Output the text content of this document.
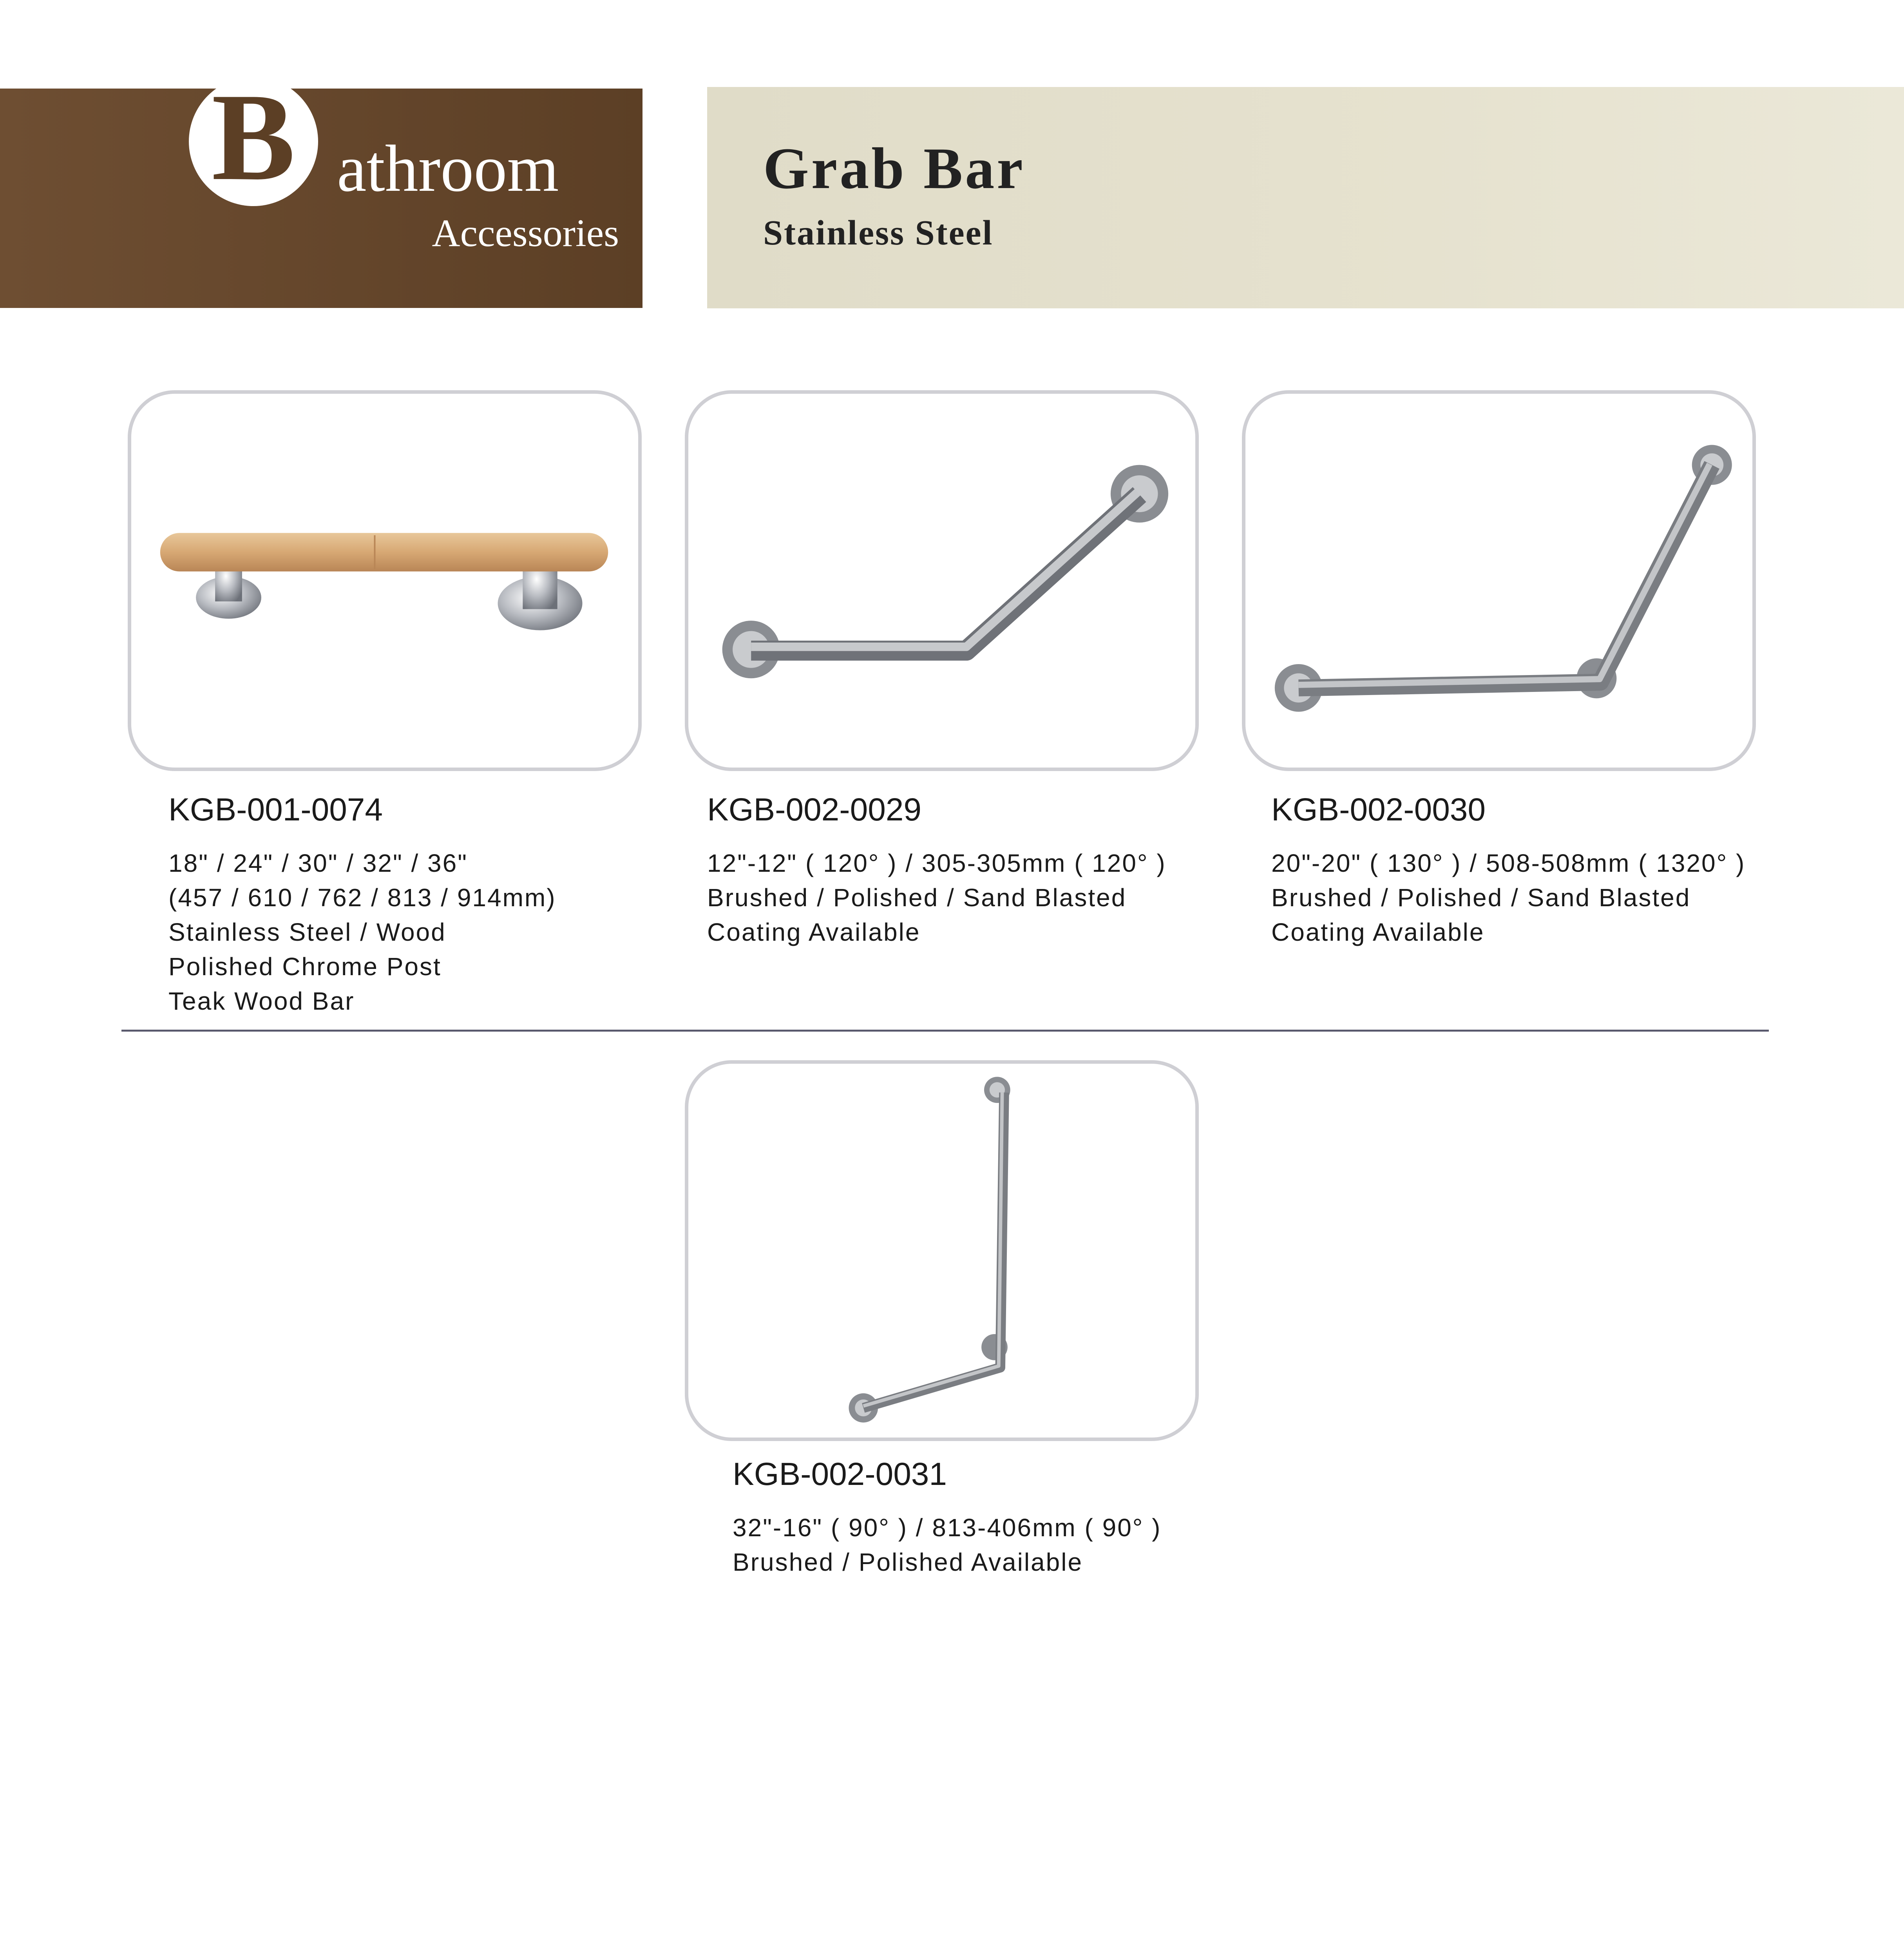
B athroom
Accessories
Grab Bar
Stainless Steel
KGB-001-0074
18" / 24" / 30" / 32" / 36"
(457 / 610 / 762 / 813 / 914mm)
Stainless Steel / Wood
Polished Chrome Post
Teak Wood Bar
KGB-002-0029
12"-12" ( 120° ) / 305-305mm ( 120° )
Brushed / Polished / Sand Blasted
Coating Available
KGB-002-0030
20"-20" ( 130° ) / 508-508mm ( 1320° )
Brushed / Polished / Sand Blasted
Coating Available
KGB-002-0031
32"-16" ( 90° ) / 813-406mm ( 90° )
Brushed / Polished Available
